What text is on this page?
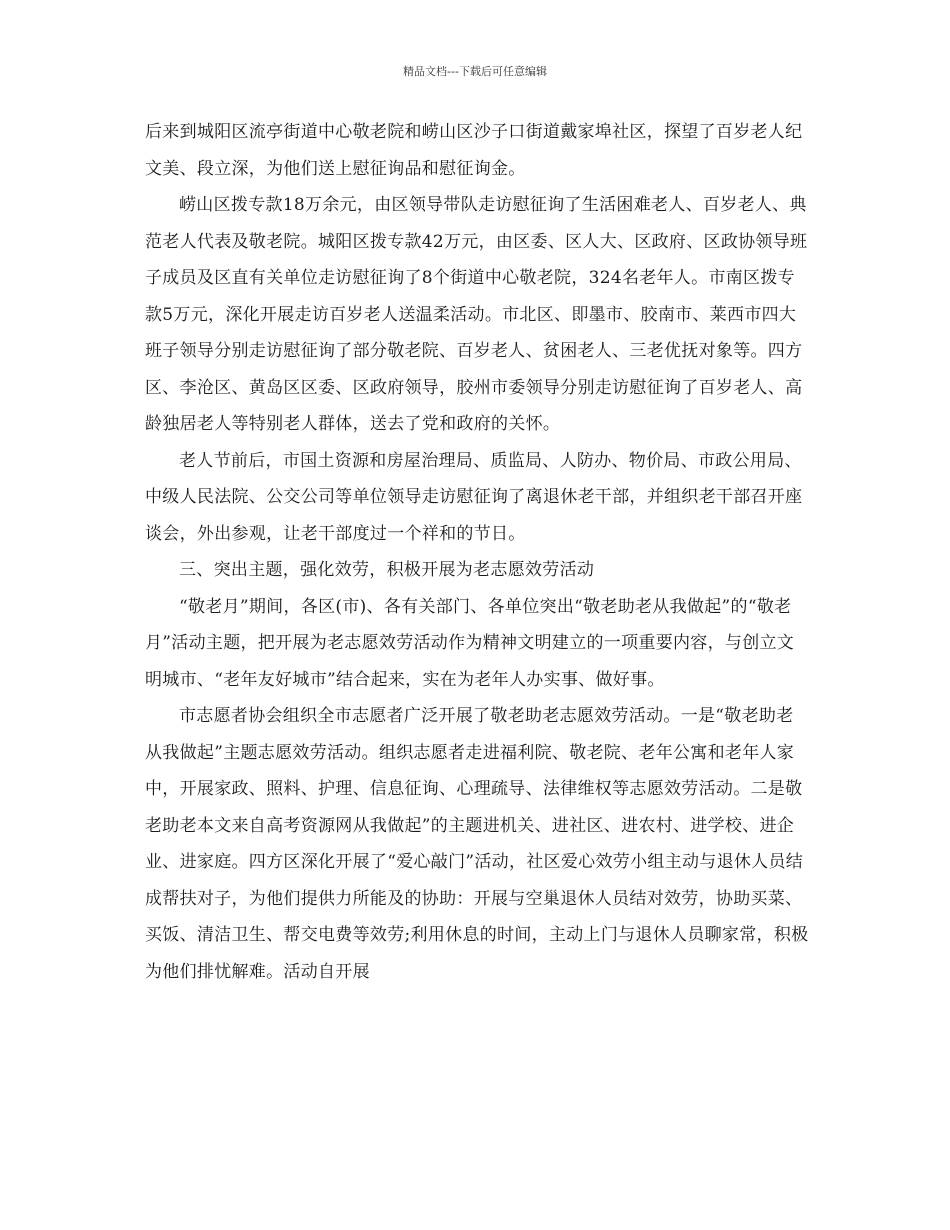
精品文档---下载后可任意编辑

后来到城阳区流亭街道中心敬老院和崂山区沙子口街道戴家埠社区，探望了百岁老人纪文美、段立深，为他们送上慰征询品和慰征询金。

崂山区拨专款18万余元，由区领导带队走访慰征询了生活困难老人、百岁老人、典范老人代表及敬老院。城阳区拨专款42万元，由区委、区人大、区政府、区政协领导班子成员及区直有关单位走访慰征询了8个街道中心敬老院，324名老年人。市南区拨专款5万元，深化开展走访百岁老人送温柔活动。市北区、即墨市、胶南市、莱西市四大班子领导分别走访慰征询了部分敬老院、百岁老人、贫困老人、三老优抚对象等。四方区、李沧区、黄岛区区委、区政府领导，胶州市委领导分别走访慰征询了百岁老人、高龄独居老人等特别老人群体，送去了党和政府的关怀。

老人节前后，市国土资源和房屋治理局、质监局、人防办、物价局、市政公用局、中级人民法院、公交公司等单位领导走访慰征询了离退休老干部，并组织老干部召开座谈会，外出参观，让老干部度过一个祥和的节日。

三、突出主题，强化效劳，积极开展为老志愿效劳活动

“敬老月”期间，各区(市)、各有关部门、各单位突出“敬老助老从我做起”的“敬老月”活动主题，把开展为老志愿效劳活动作为精神文明建立的一项重要内容，与创立文明城市、“老年友好城市”结合起来，实在为老年人办实事、做好事。

市志愿者协会组织全市志愿者广泛开展了敬老助老志愿效劳活动。一是“敬老助老从我做起”主题志愿效劳活动。组织志愿者走进福利院、敬老院、老年公寓和老年人家中，开展家政、照料、护理、信息征询、心理疏导、法律维权等志愿效劳活动。二是敬老助老本文来自高考资源网从我做起”的主题进机关、进社区、进农村、进学校、进企业、进家庭。四方区深化开展了“爱心敲门”活动，社区爱心效劳小组主动与退休人员结成帮扶对子，为他们提供力所能及的协助：开展与空巢退休人员结对效劳，协助买菜、买饭、清洁卫生、帮交电费等效劳;利用休息的时间，主动上门与退休人员聊家常，积极为他们排忧解难。活动自开展
